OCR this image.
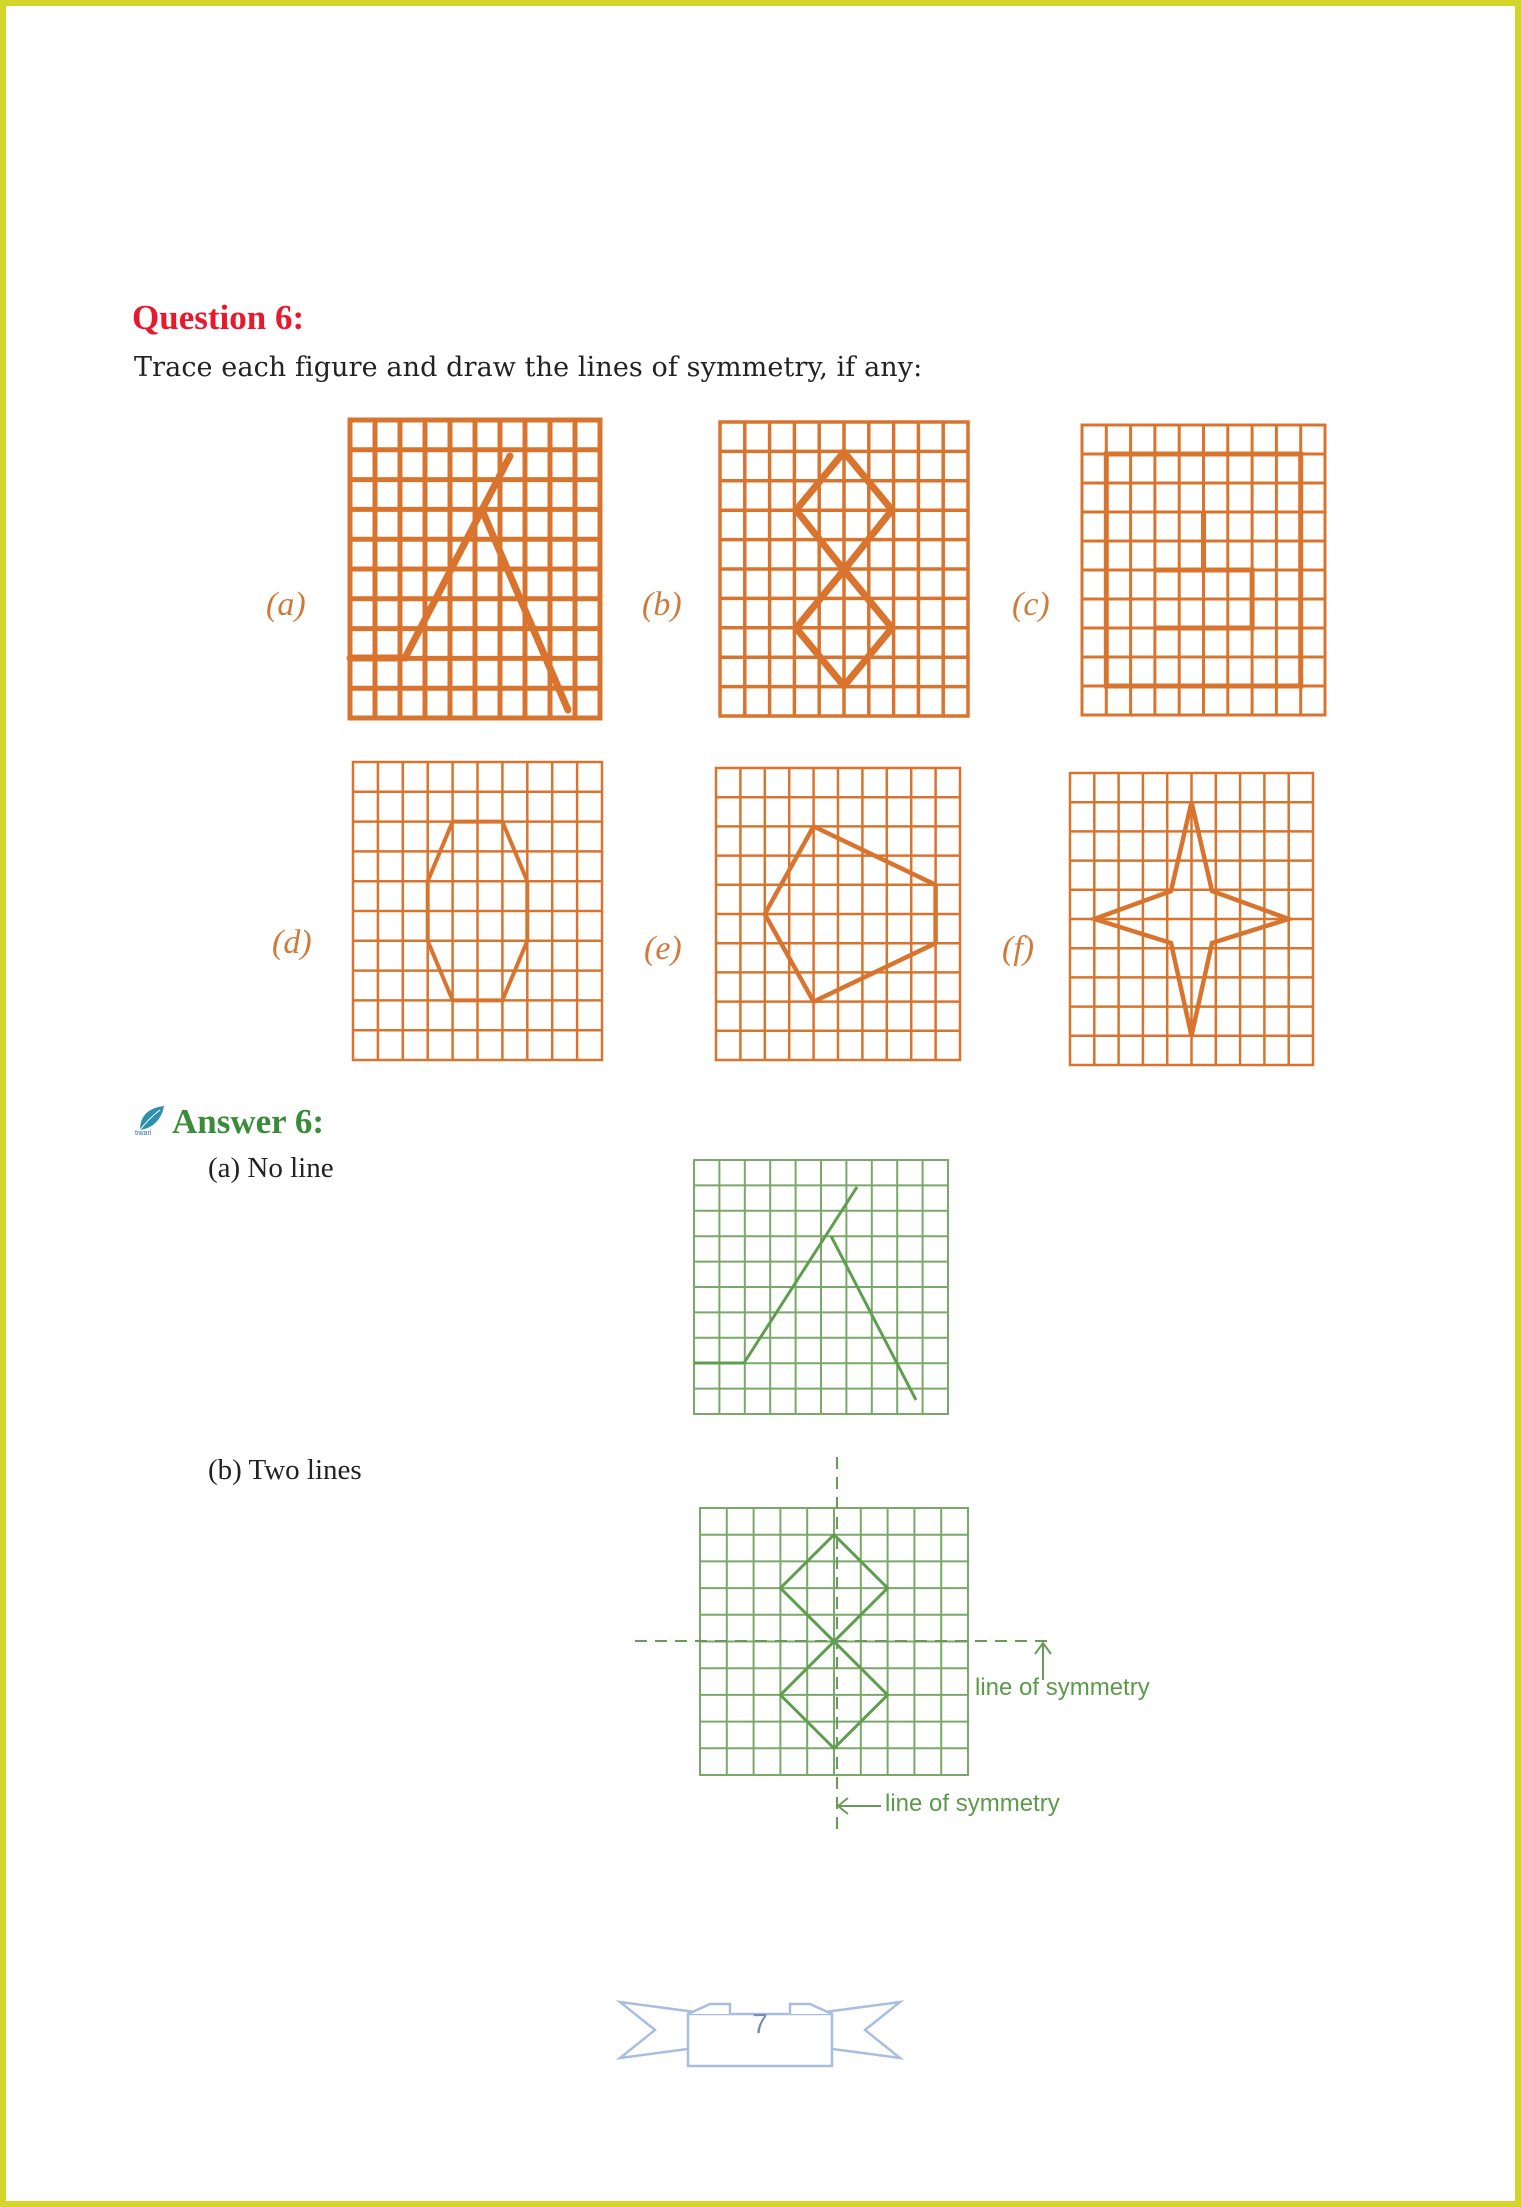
Question 6:
Trace each figure and draw the lines of symmetry, if any:
(a)	(b)	(c)
(d)	(e)	(f)
tiwari Answer 6:
(a) No line
(b) Two lines
line of symmetry
line of symmetry
7
